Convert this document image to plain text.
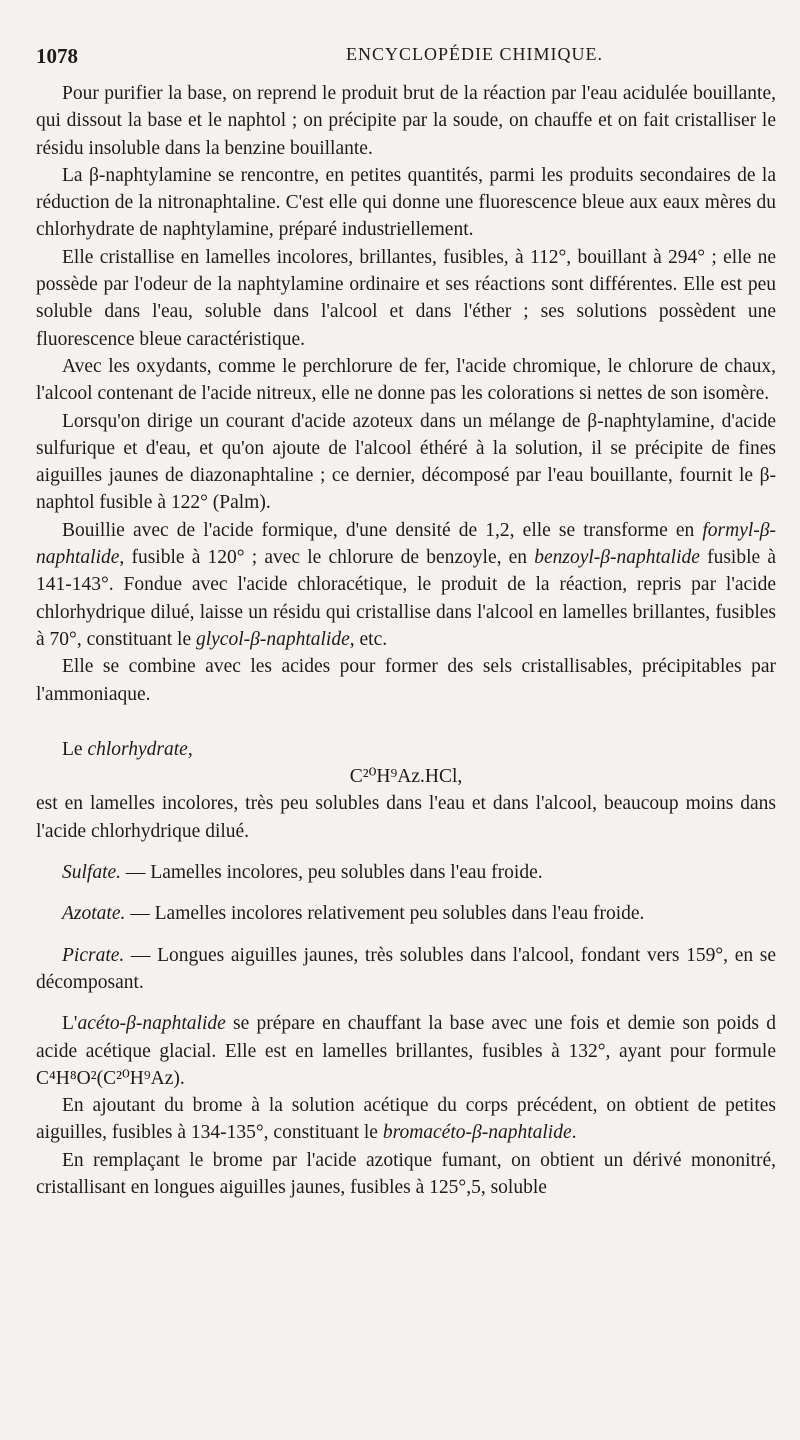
1078	ENCYCLOPÉDIE CHIMIQUE.

Pour purifier la base, on reprend le produit brut de la réaction par l'eau acidulée bouillante, qui dissout la base et le naphtol ; on précipite par la soude, on chauffe et on fait cristalliser le résidu insoluble dans la benzine bouillante.

La β-naphtylamine se rencontre, en petites quantités, parmi les produits secondaires de la réduction de la nitronaphtaline. C'est elle qui donne une fluorescence bleue aux eaux mères du chlorhydrate de naphtylamine, préparé industriellement.

Elle cristallise en lamelles incolores, brillantes, fusibles, à 112°, bouillant à 294° ; elle ne possède par l'odeur de la naphtylamine ordinaire et ses réactions sont différentes. Elle est peu soluble dans l'eau, soluble dans l'alcool et dans l'éther ; ses solutions possèdent une fluorescence bleue caractéristique.

Avec les oxydants, comme le perchlorure de fer, l'acide chromique, le chlorure de chaux, l'alcool contenant de l'acide nitreux, elle ne donne pas les colorations si nettes de son isomère.

Lorsqu'on dirige un courant d'acide azoteux dans un mélange de β-naphtylamine, d'acide sulfurique et d'eau, et qu'on ajoute de l'alcool éthéré à la solution, il se précipite de fines aiguilles jaunes de diazonaphtaline ; ce dernier, décomposé par l'eau bouillante, fournit le β-naphtol fusible à 122° (Palm).

Bouillie avec de l'acide formique, d'une densité de 1,2, elle se transforme en formyl-β-naphtalide, fusible à 120° ; avec le chlorure de benzoyle, en benzoyl-β-naphtalide fusible à 141-143°. Fondue avec l'acide chloracétique, le produit de la réaction, repris par l'acide chlorhydrique dilué, laisse un résidu qui cristallise dans l'alcool en lamelles brillantes, fusibles à 70°, constituant le glycol-β-naphtalide, etc.

Elle se combine avec les acides pour former des sels cristallisables, précipitables par l'ammoniaque.

Le chlorhydrate,

C²⁰H⁹Az.HCl,

est en lamelles incolores, très peu solubles dans l'eau et dans l'alcool, beaucoup moins dans l'acide chlorhydrique dilué.

Sulfate. — Lamelles incolores, peu solubles dans l'eau froide.

Azotate. — Lamelles incolores relativement peu solubles dans l'eau froide.

Picrate. — Longues aiguilles jaunes, très solubles dans l'alcool, fondant vers 159°, en se décomposant.

L'acéto-β-naphtalide se prépare en chauffant la base avec une fois et demie son poids d acide acétique glacial. Elle est en lamelles brillantes, fusibles à 132°, ayant pour formule C⁴H⁸O²(C²⁰H⁹Az).

En ajoutant du brome à la solution acétique du corps précédent, on obtient de petites aiguilles, fusibles à 134-135°, constituant le bromacéto-β-naphtalide.

En remplaçant le brome par l'acide azotique fumant, on obtient un dérivé mononitré, cristallisant en longues aiguilles jaunes, fusibles à 125°,5, soluble
